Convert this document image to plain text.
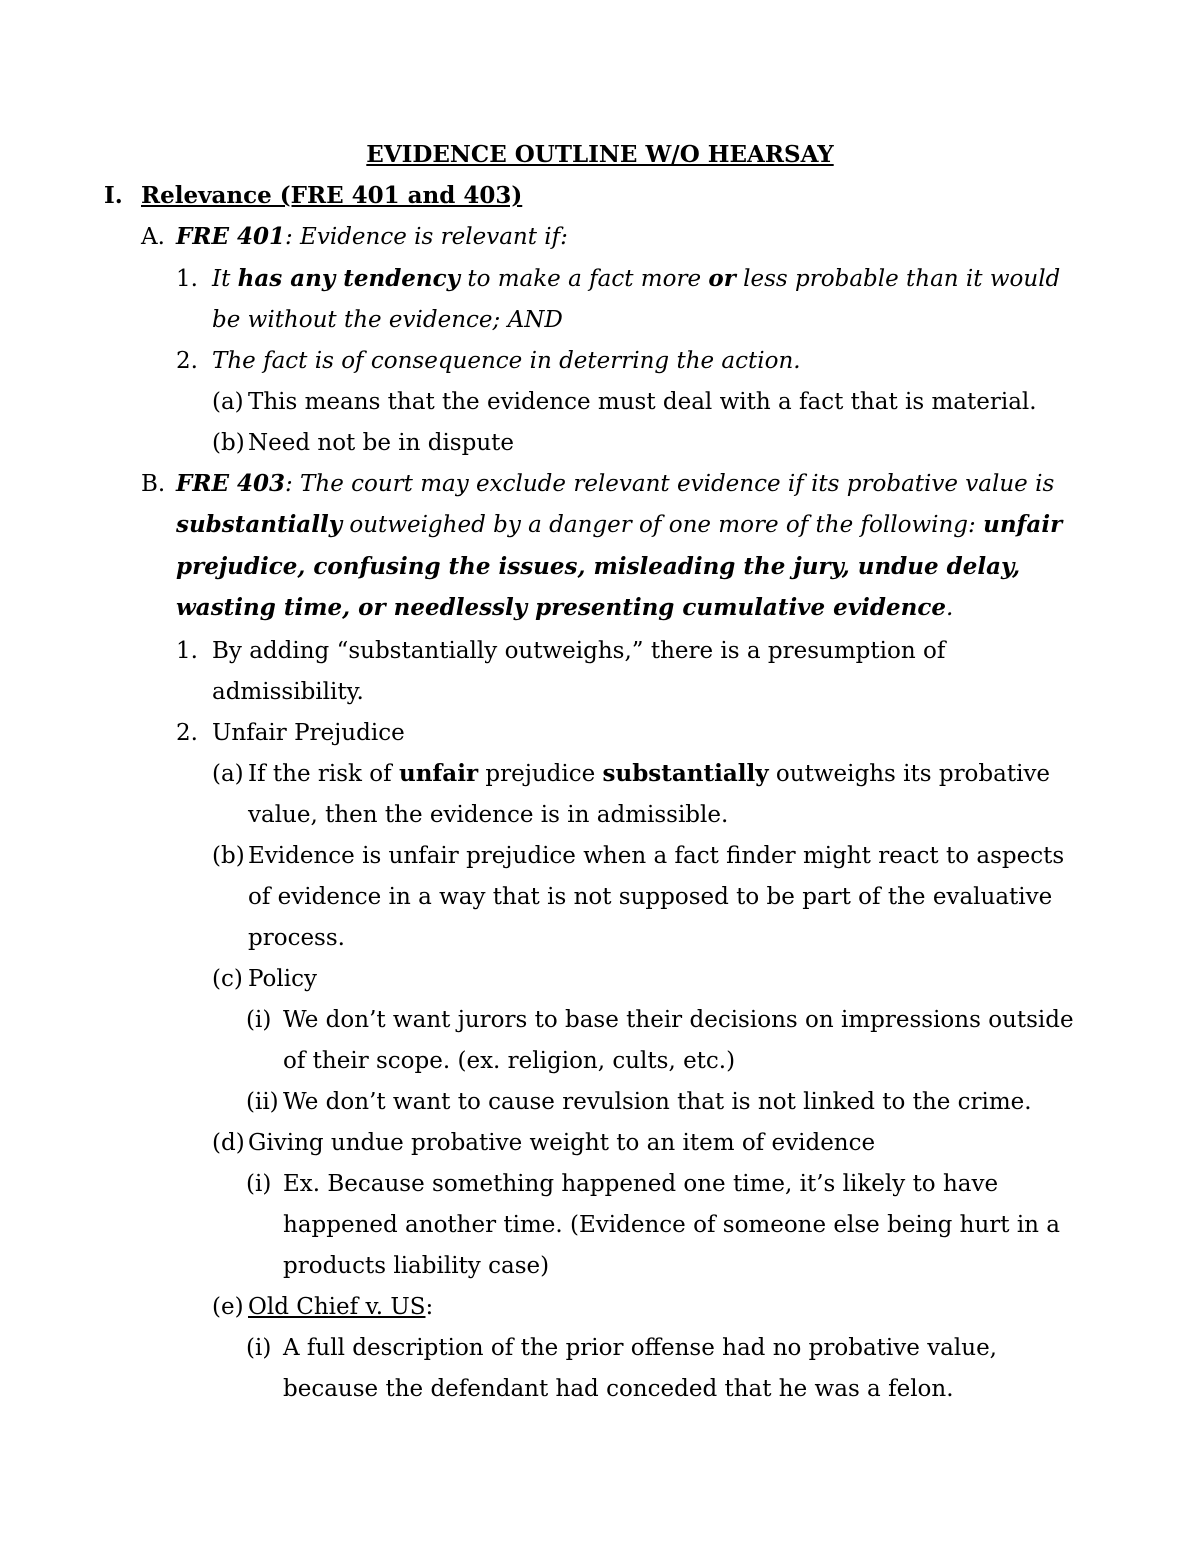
EVIDENCE OUTLINE W/O HEARSAY
I. Relevance (FRE 401 and 403)
A. FRE 401: Evidence is relevant if:
1. It has any tendency to make a fact more or less probable than it would
be without the evidence; AND
2. The fact is of consequence in deterring the action.
(a) This means that the evidence must deal with a fact that is material.
(b) Need not be in dispute
B. FRE 403: The court may exclude relevant evidence if its probative value is
substantially outweighed by a danger of one more of the following: unfair
prejudice, confusing the issues, misleading the jury, undue delay,
wasting time, or needlessly presenting cumulative evidence.
1. By adding “substantially outweighs,” there is a presumption of
admissibility.
2. Unfair Prejudice
(a) If the risk of unfair prejudice substantially outweighs its probative
value, then the evidence is in admissible.
(b) Evidence is unfair prejudice when a fact finder might react to aspects
of evidence in a way that is not supposed to be part of the evaluative
process.
(c) Policy
(i) We don’t want jurors to base their decisions on impressions outside
of their scope. (ex. religion, cults, etc.)
(ii) We don’t want to cause revulsion that is not linked to the crime.
(d) Giving undue probative weight to an item of evidence
(i) Ex. Because something happened one time, it’s likely to have
happened another time. (Evidence of someone else being hurt in a
products liability case)
(e) Old Chief v. US:
(i) A full description of the prior offense had no probative value,
because the defendant had conceded that he was a felon.
